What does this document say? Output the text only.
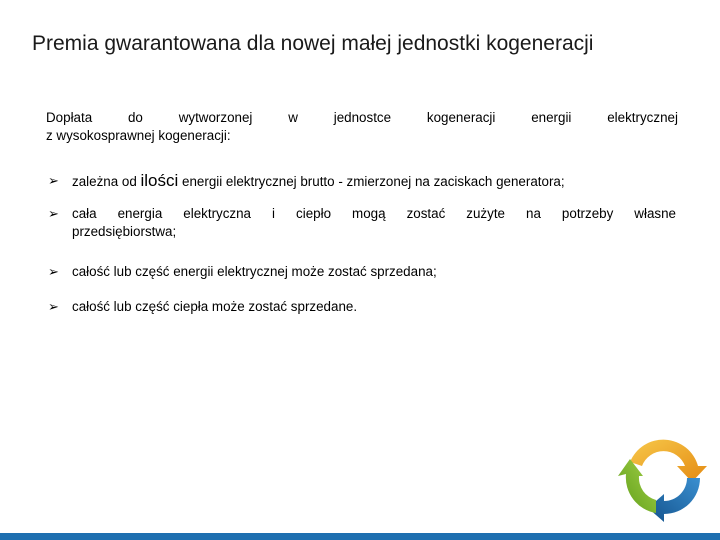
Premia gwarantowana dla nowej małej jednostki kogeneracji
Dopłata	do	wytworzonej	w	jednostce	kogeneracji	energii	elektrycznej
z wysokosprawnej kogeneracji:
➢ zależna od ilości energii elektrycznej brutto - zmierzonej na zaciskach generatora;
➢ cała energia elektryczna i ciepło mogą zostać zużyte na potrzeby własne
przedsiębiorstwa;
➢ całość lub część energii elektrycznej może zostać sprzedana;
➢ całość lub część ciepła może zostać sprzedane.
